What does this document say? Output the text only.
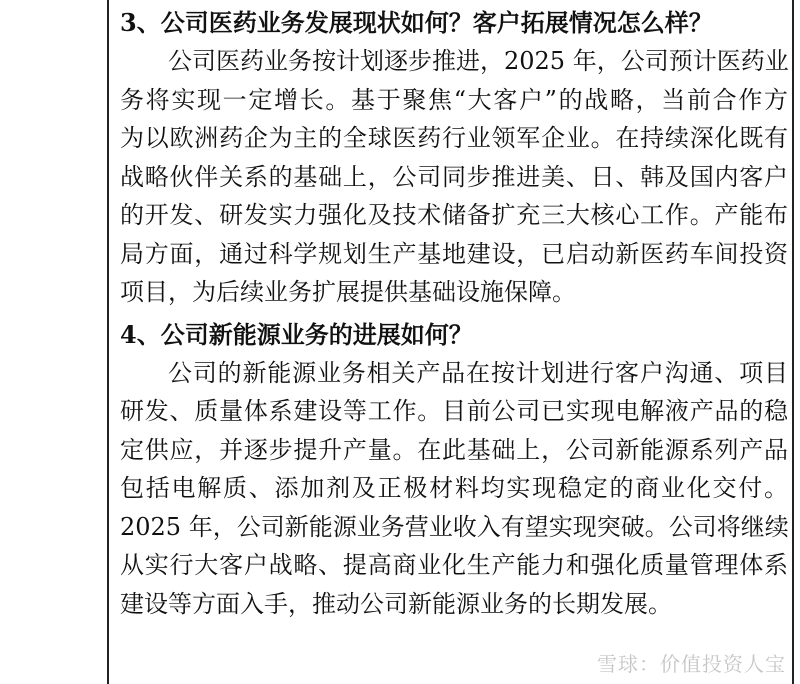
3、公司医药业务发展现状如何？客户拓展情况怎么样？
公司医药业务按计划逐步推进，2025 年，公司预计医药业
务将实现一定增长。基于聚焦“大客户”的战略，当前合作方
为以欧洲药企为主的全球医药行业领军企业。在持续深化既有
战略伙伴关系的基础上，公司同步推进美、日、韩及国内客户
的开发、研发实力强化及技术储备扩充三大核心工作。产能布
局方面，通过科学规划生产基地建设，已启动新医药车间投资
项目，为后续业务扩展提供基础设施保障。
4、公司新能源业务的进展如何？
公司的新能源业务相关产品在按计划进行客户沟通、项目
研发、质量体系建设等工作。目前公司已实现电解液产品的稳
定供应，并逐步提升产量。在此基础上，公司新能源系列产品
包括电解质、添加剂及正极材料均实现稳定的商业化交付。
2025 年，公司新能源业务营业收入有望实现突破。公司将继续
从实行大客户战略、提高商业化生产能力和强化质量管理体系
建设等方面入手，推动公司新能源业务的长期发展。
雪球：价值投资人宝
